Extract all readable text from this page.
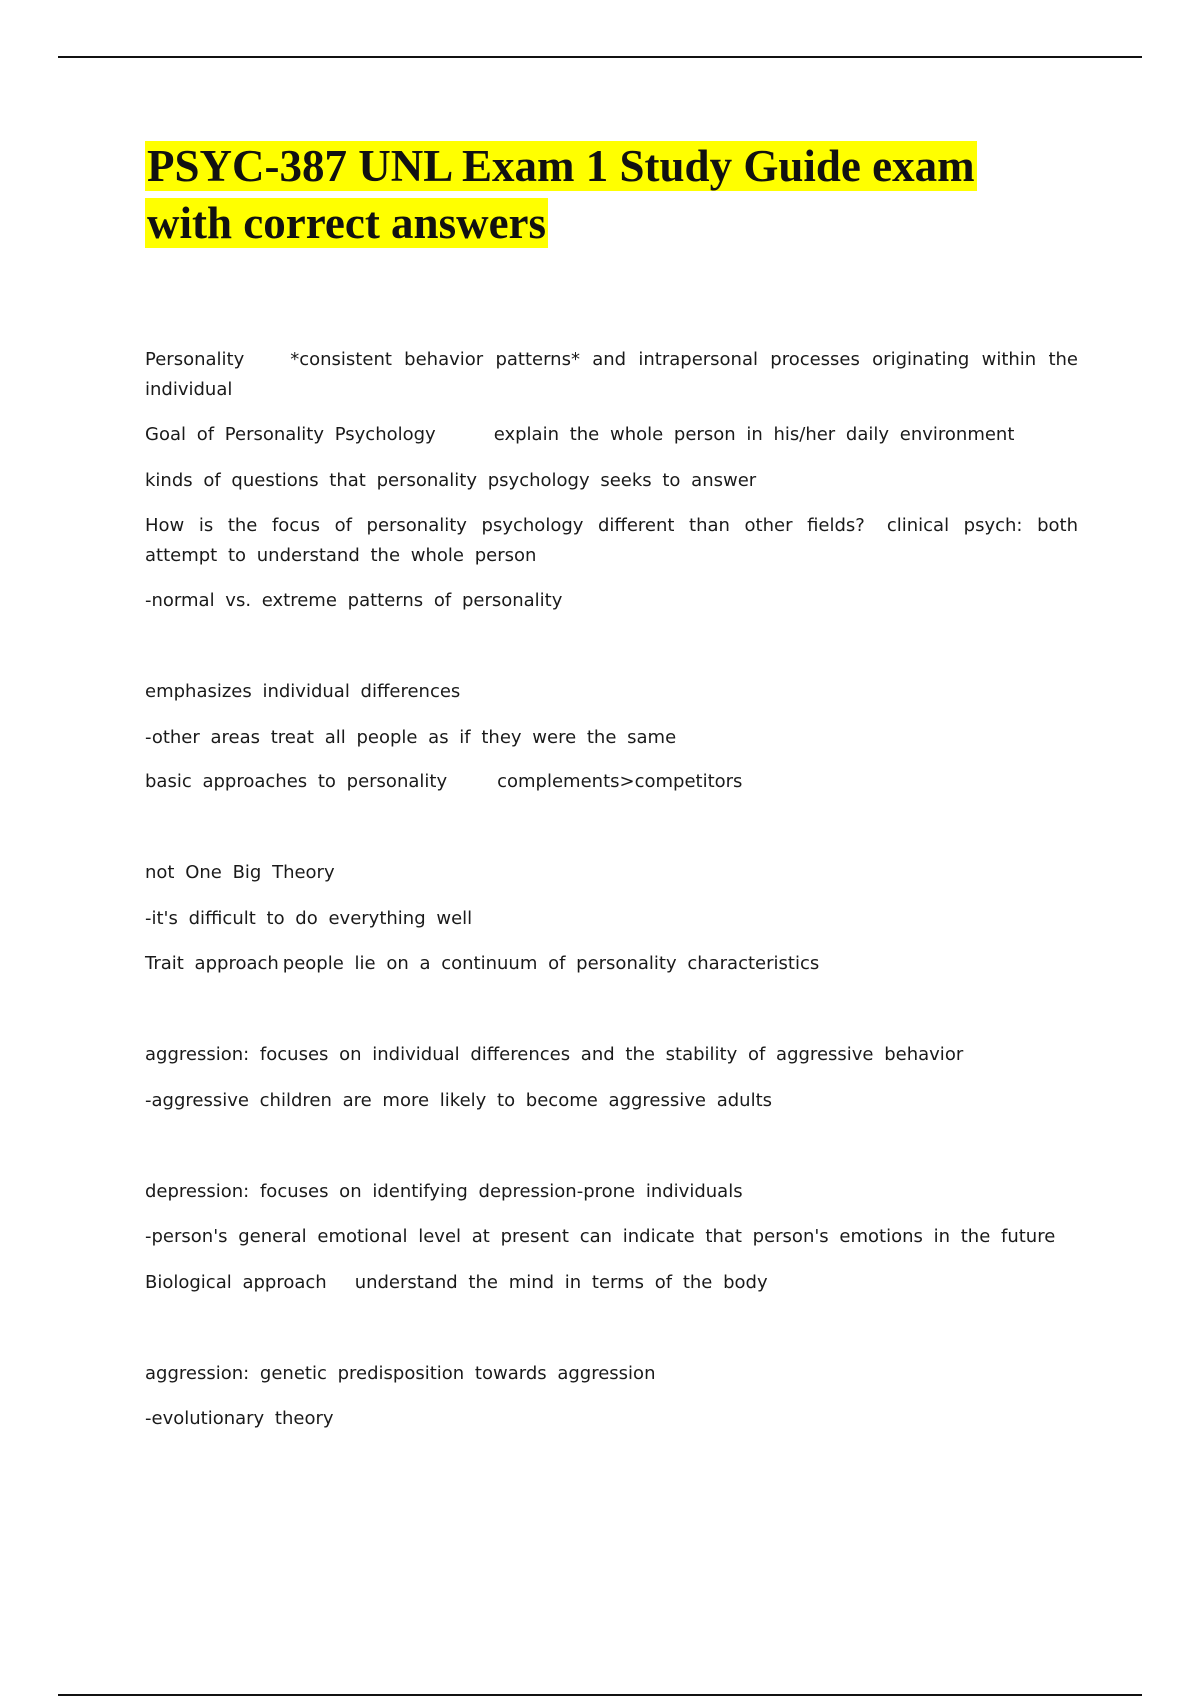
PSYC-387 UNL Exam 1 Study Guide exam with correct answers

Personality	*consistent behavior patterns* and intrapersonal processes originating within the individual

Goal of Personality Psychology	explain the whole person in his/her daily environment

kinds of questions that personality psychology seeks to answer

How is the focus of personality psychology different than other fields? clinical psych: both attempt to understand the whole person

-normal vs. extreme patterns of personality

emphasizes individual differences

-other areas treat all people as if they were the same

basic approaches to personality	complements>competitors

not One Big Theory

-it's difficult to do everything well

Trait approach people lie on a continuum of personality characteristics

aggression: focuses on individual differences and the stability of aggressive behavior

-aggressive children are more likely to become aggressive adults

depression: focuses on identifying depression-prone individuals

-person's general emotional level at present can indicate that person's emotions in the future

Biological approach understand the mind in terms of the body

aggression: genetic predisposition towards aggression

-evolutionary theory
